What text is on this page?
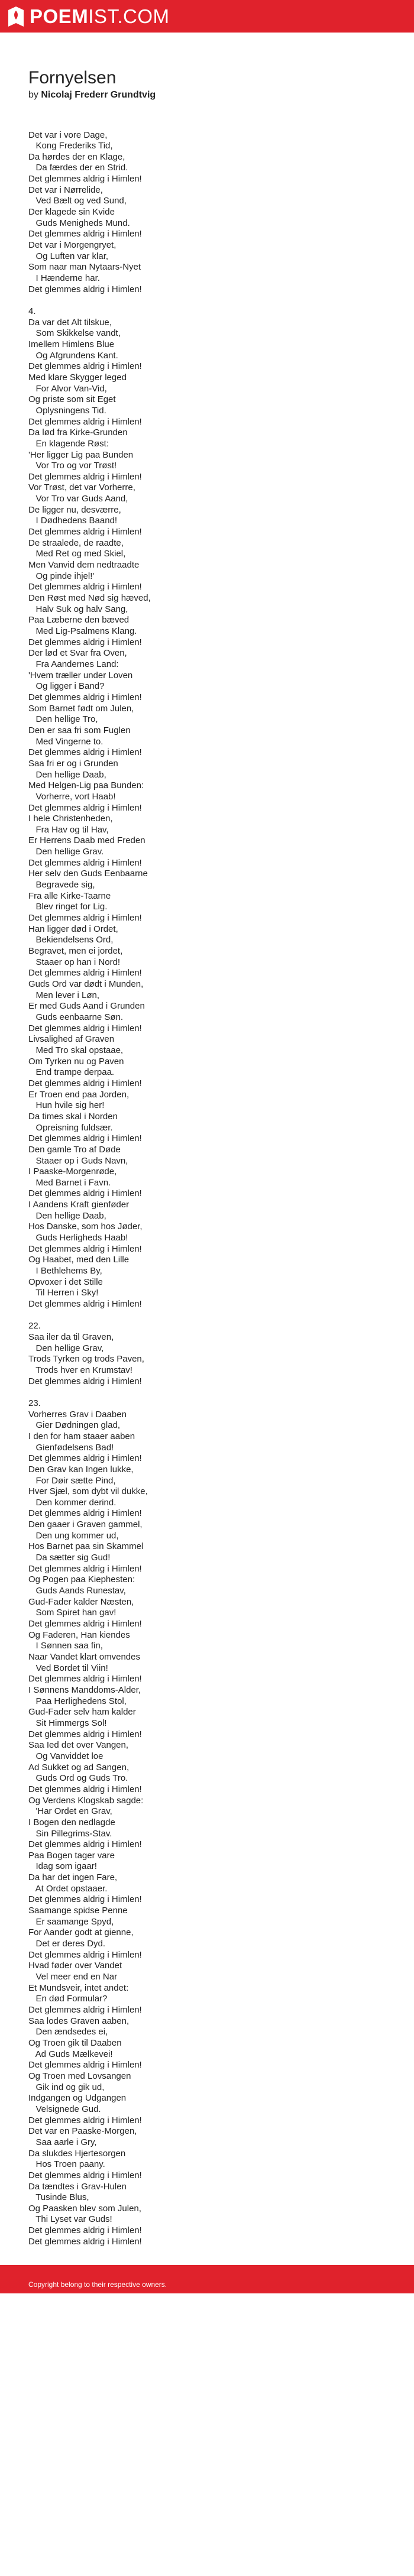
POEMIST.COM
Fornyelsen
by Nicolaj Frederr Grundtvig
Det var i vore Dage,
Kong Frederiks Tid,
Da hørdes der en Klage,
Da færdes der en Strid.
Det glemmes aldrig i Himlen!
Det var i Nørrelide,
Ved Bælt og ved Sund,
Der klagede sin Kvide
Guds Menigheds Mund.
Det glemmes aldrig i Himlen!
Det var i Morgengryet,
Og Luften var klar,
Som naar man Nytaars-Nyet
I Hænderne har.
Det glemmes aldrig i Himlen!
4.
Da var det Alt tilskue,
Som Skikkelse vandt,
Imellem Himlens Blue
Og Afgrundens Kant.
Det glemmes aldrig i Himlen!
Med klare Skygger leged
For Alvor Van-Vid,
Og priste som sit Eget
Oplysningens Tid.
Det glemmes aldrig i Himlen!
Da lød fra Kirke-Grunden
En klagende Røst:
'Her ligger Lig paa Bunden
Vor Tro og vor Trøst!
Det glemmes aldrig i Himlen!
Vor Trøst, det var Vorherre,
Vor Tro var Guds Aand,
De ligger nu, desværre,
I Dødhedens Baand!
Det glemmes aldrig i Himlen!
De straalede, de raadte,
Med Ret og med Skiel,
Men Vanvid dem nedtraadte
Og pinde ihjel!'
Det glemmes aldrig i Himlen!
Den Røst med Nød sig hæved,
Halv Suk og halv Sang,
Paa Læberne den bæved
Med Lig-Psalmens Klang.
Det glemmes aldrig i Himlen!
Der lød et Svar fra Oven,
Fra Aandernes Land:
'Hvem træller under Loven
Og ligger i Band?
Det glemmes aldrig i Himlen!
Som Barnet født om Julen,
Den hellige Tro,
Den er saa fri som Fuglen
Med Vingerne to.
Det glemmes aldrig i Himlen!
Saa fri er og i Grunden
Den hellige Daab,
Med Helgen-Lig paa Bunden:
Vorherre, vort Haab!
Det glemmes aldrig i Himlen!
I hele Christenheden,
Fra Hav og til Hav,
Er Herrens Daab med Freden
Den hellige Grav.
Det glemmes aldrig i Himlen!
Her selv den Guds Eenbaarne
Begravede sig,
Fra alle Kirke-Taarne
Blev ringet for Lig.
Det glemmes aldrig i Himlen!
Han ligger død i Ordet,
Bekiendelsens Ord,
Begravet, men ei jordet,
Staaer op han i Nord!
Det glemmes aldrig i Himlen!
Guds Ord var dødt i Munden,
Men lever i Løn,
Er med Guds Aand i Grunden
Guds eenbaarne Søn.
Det glemmes aldrig i Himlen!
Livsalighed af Graven
Med Tro skal opstaae,
Om Tyrken nu og Paven
End trampe derpaa.
Det glemmes aldrig i Himlen!
Er Troen end paa Jorden,
Hun hvile sig her!
Da times skal i Norden
Opreisning fuldsær.
Det glemmes aldrig i Himlen!
Den gamle Tro af Døde
Staaer op i Guds Navn,
I Paaske-Morgenrøde,
Med Barnet i Favn.
Det glemmes aldrig i Himlen!
I Aandens Kraft gienføder
Den hellige Daab,
Hos Danske, som hos Jøder,
Guds Herligheds Haab!
Det glemmes aldrig i Himlen!
Og Haabet, med den Lille
I Bethlehems By,
Opvoxer i det Stille
Til Herren i Sky!
Det glemmes aldrig i Himlen!
22.
Saa iler da til Graven,
Den hellige Grav,
Trods Tyrken og trods Paven,
Trods hver en Krumstav!
Det glemmes aldrig i Himlen!
23.
Vorherres Grav i Daaben
Gier Dødningen glad,
I den for ham staaer aaben
Gienfødelsens Bad!
Det glemmes aldrig i Himlen!
Den Grav kan Ingen lukke,
For Døir sætte Pind,
Hver Sjæl, som dybt vil dukke,
Den kommer derind.
Det glemmes aldrig i Himlen!
Den gaaer i Graven gammel,
Den ung kommer ud,
Hos Barnet paa sin Skammel
Da sætter sig Gud!
Det glemmes aldrig i Himlen!
Og Pogen paa Kiephesten:
Guds Aands Runestav,
Gud-Fader kalder Næsten,
Som Spiret han gav!
Det glemmes aldrig i Himlen!
Og Faderen, Han kiendes
I Sønnen saa fin,
Naar Vandet klart omvendes
Ved Bordet til Viin!
Det glemmes aldrig i Himlen!
I Sønnens Manddoms-Alder,
Paa Herlighedens Stol,
Gud-Fader selv ham kalder
Sit Himmergs Sol!
Det glemmes aldrig i Himlen!
Saa Ied det over Vangen,
Og Vanviddet loe
Ad Sukket og ad Sangen,
Guds Ord og Guds Tro.
Det glemmes aldrig i Himlen!
Og Verdens Klogskab sagde:
'Har Ordet en Grav,
I Bogen den nedlagde
Sin Pillegrims-Stav.
Det glemmes aldrig i Himlen!
Paa Bogen tager vare
Idag som igaar!
Da har det ingen Fare,
At Ordet opstaaer.
Det glemmes aldrig i Himlen!
Saamange spidse Penne
Er saamange Spyd,
For Aander godt at gienne,
Det er deres Dyd.
Det glemmes aldrig i Himlen!
Hvad føder over Vandet
Vel meer end en Nar
Et Mundsveir, intet andet:
En død Formular?
Det glemmes aldrig i Himlen!
Saa lodes Graven aaben,
Den ændsedes ei,
Og Troen gik til Daaben
Ad Guds Mælkevei!
Det glemmes aldrig i Himlen!
Og Troen med Lovsangen
Gik ind og gik ud,
Indgangen og Udgangen
Velsignede Gud.
Det glemmes aldrig i Himlen!
Det var en Paaske-Morgen,
Saa aarle i Gry,
Da slukdes Hjertesorgen
Hos Troen paany.
Det glemmes aldrig i Himlen!
Da tændtes i Grav-Hulen
Tusinde Blus,
Og Paasken blev som Julen,
Thi Lyset var Guds!
Det glemmes aldrig i Himlen!
Det glemmes aldrig i Himlen!
Copyright belong to their respective owners.
